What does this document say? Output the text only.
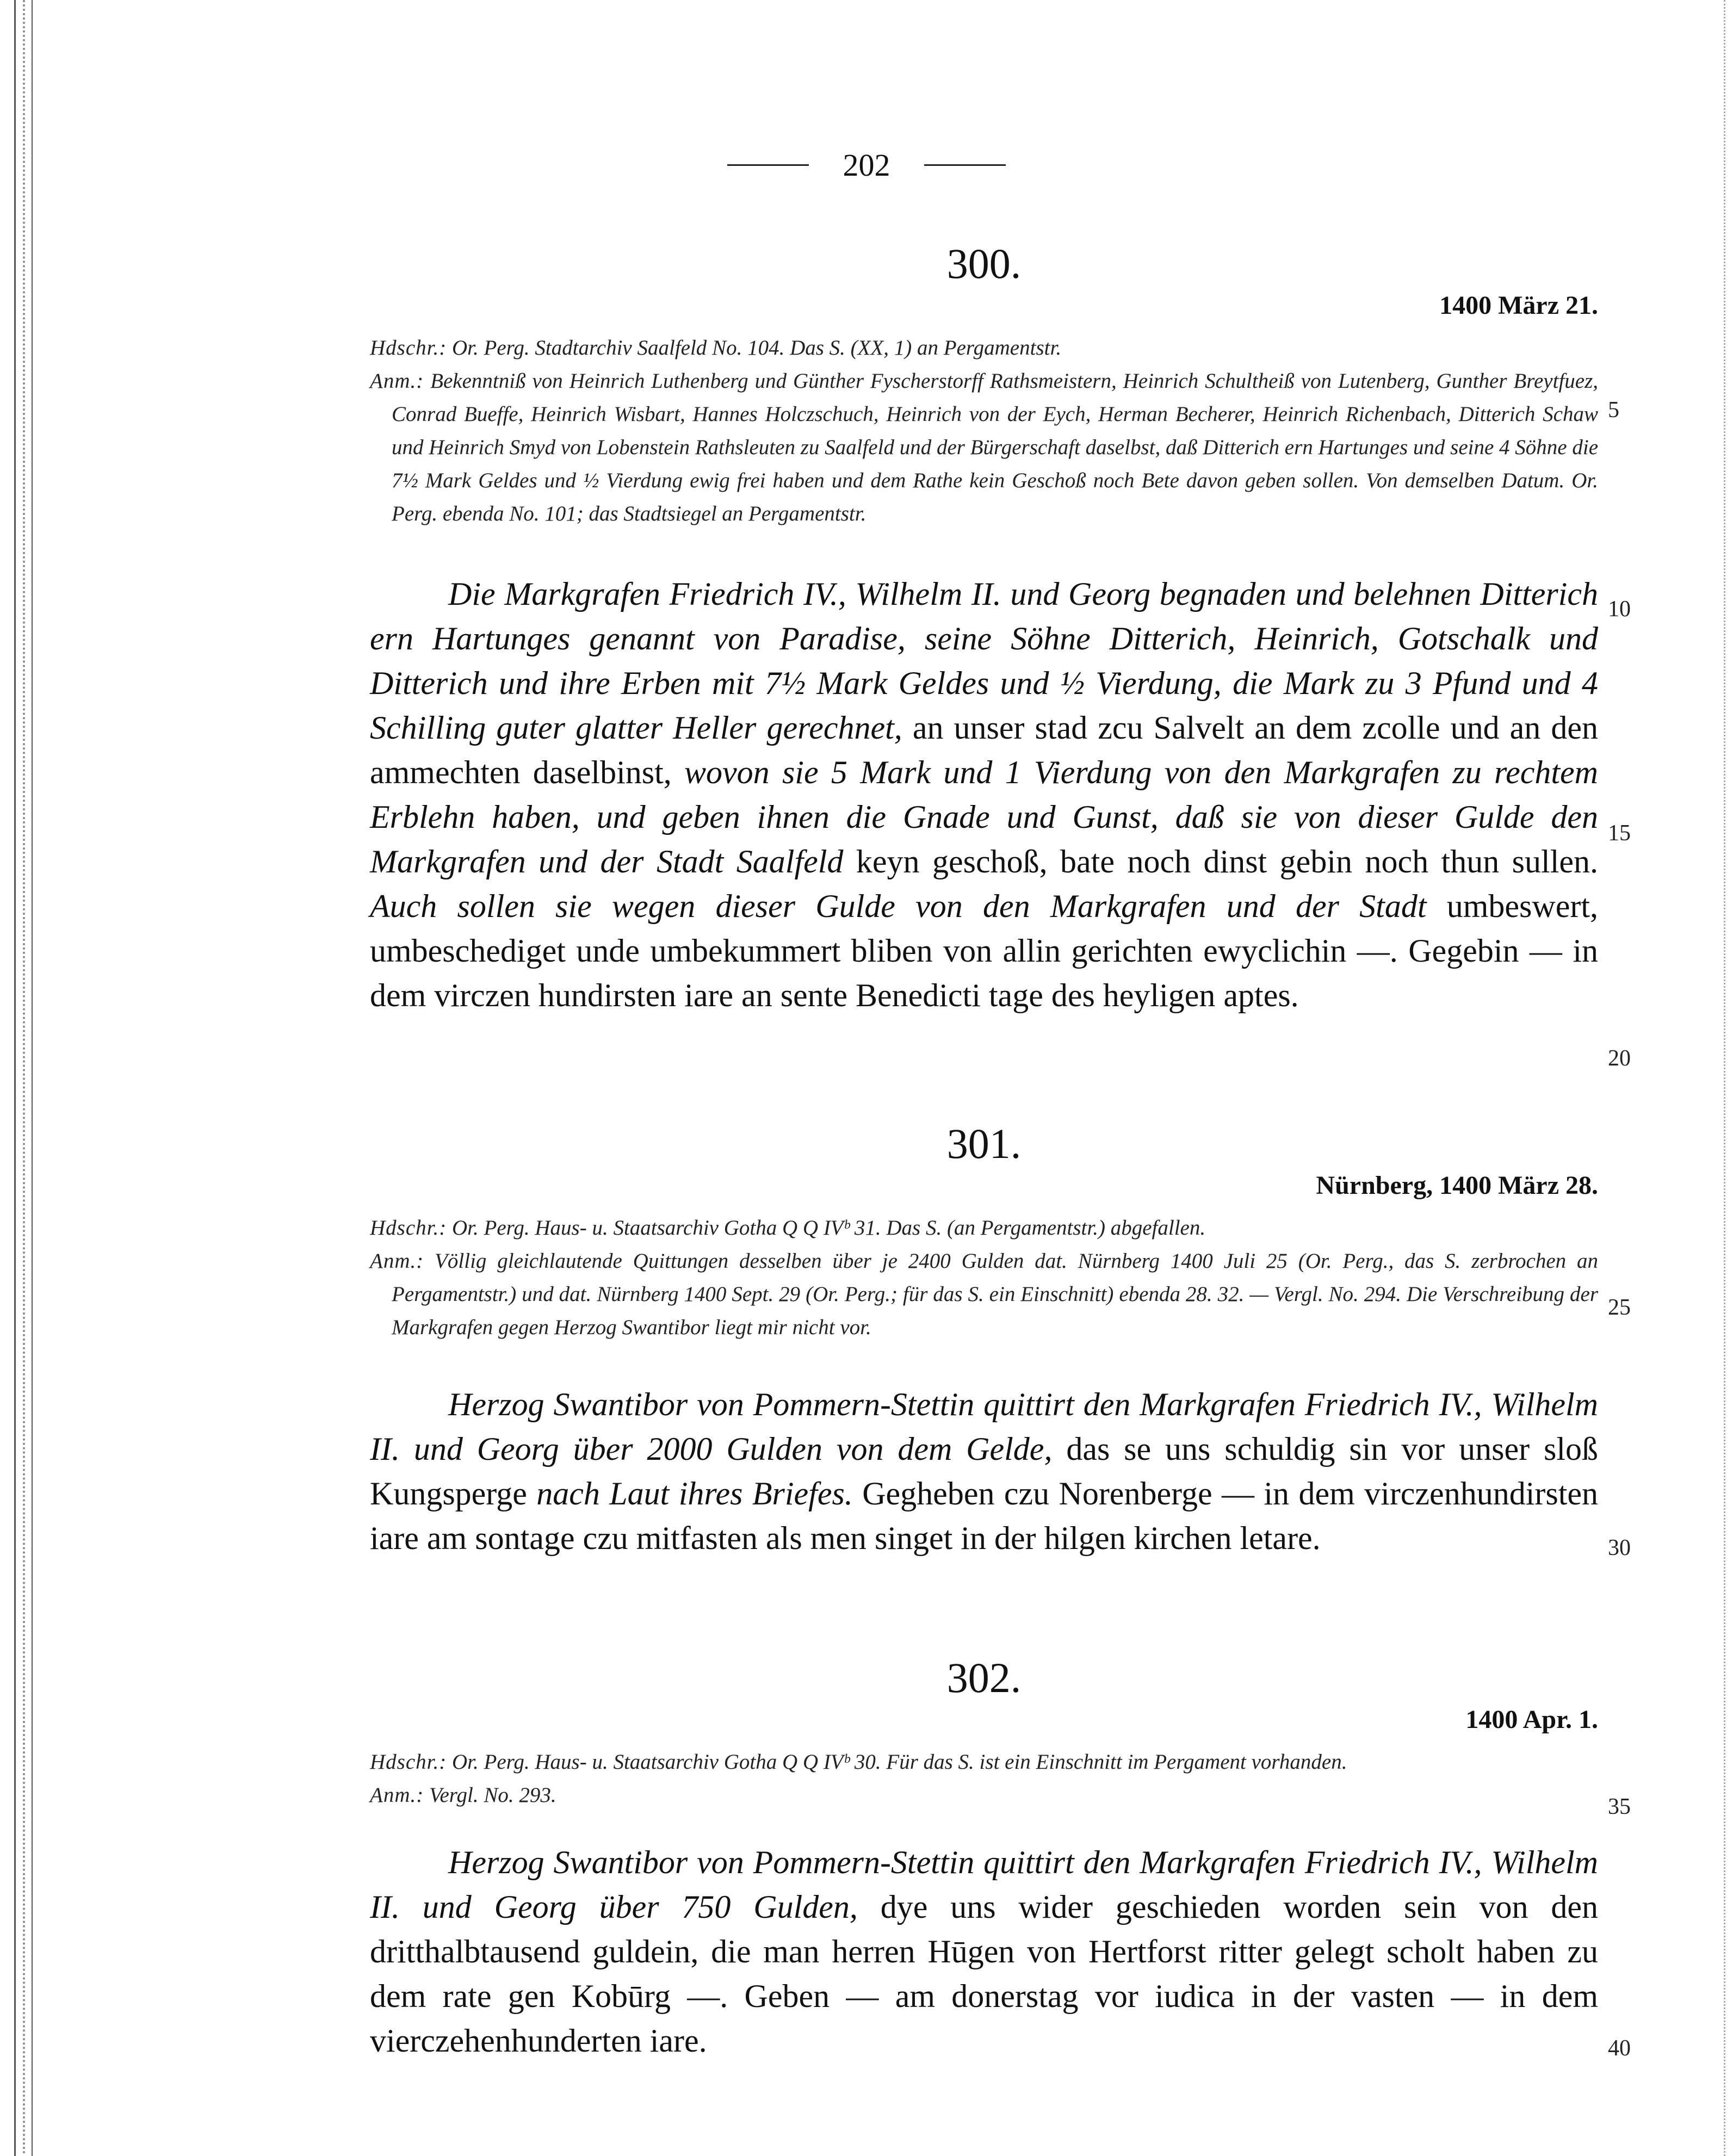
202
300.
1400 März 21.

Hdschr.: Or. Perg. Stadtarchiv Saalfeld No. 104. Das S. (XX, 1) an Pergamentstr.

Anm.: Bekenntniß von Heinrich Luthenberg und Günther Fyscherstorff Rathsmeistern, Heinrich Schultheiß von Lutenberg, Gunther Breytfuez, Conrad Bueffe, Heinrich Wisbart, Hannes Holczschuch, Heinrich von der Eych, Herman Becherer, Heinrich Richenbach, Ditterich Schaw und Heinrich Smyd von Lobenstein Rathsleuten zu Saalfeld und der Bürgerschaft daselbst, daß Ditterich ern Hartunges und seine 4 Söhne die 7½ Mark Geldes und ½ Vierdung ewig frei haben und dem Rathe kein Geschoß noch Bete davon geben sollen. Von demselben Datum. Or. Perg. ebenda No. 101; das Stadtsiegel an Pergamentstr.

Die Markgrafen Friedrich IV., Wilhelm II. und Georg begnaden und belehnen Ditterich ern Hartunges genannt von Paradise, seine Söhne Ditterich, Heinrich, Gotschalk und Ditterich und ihre Erben mit 7½ Mark Geldes und ½ Vierdung, die Mark zu 3 Pfund und 4 Schilling guter glatter Heller gerechnet, an unser stad zcu Salvelt an dem zcolle und an den ammechten daselbinst, wovon sie 5 Mark und 1 Vierdung von den Markgrafen zu rechtem Erblehn haben, und geben ihnen die Gnade und Gunst, daß sie von dieser Gulde den Markgrafen und der Stadt Saalfeld keyn geschoß, bate noch dinst gebin noch thun sullen. Auch sollen sie wegen dieser Gulde von den Markgrafen und der Stadt umbeswert, umbeschediget unde umbekummert bliben von allin gerichten ewyclichin —. Gegebin — in dem virczen hundirsten iare an sente Benedicti tage des heyligen aptes.

301.
Nürnberg, 1400 März 28.

Hdschr.: Or. Perg. Haus- u. Staatsarchiv Gotha Q Q IVᵇ 31. Das S. (an Pergamentstr.) abgefallen.

Anm.: Völlig gleichlautende Quittungen desselben über je 2400 Gulden dat. Nürnberg 1400 Juli 25 (Or. Perg., das S. zerbrochen an Pergamentstr.) und dat. Nürnberg 1400 Sept. 29 (Or. Perg.; für das S. ein Einschnitt) ebenda 28. 32. — Vergl. No. 294. Die Verschreibung der Markgrafen gegen Herzog Swantibor liegt mir nicht vor.

Herzog Swantibor von Pommern-Stettin quittirt den Markgrafen Friedrich IV., Wilhelm II. und Georg über 2000 Gulden von dem Gelde, das se uns schuldig sin vor unser sloß Kungsperge nach Laut ihres Briefes. Gegheben czu Norenberge — in dem virczenhundirsten iare am sontage czu mitfasten als men singet in der hilgen kirchen letare.

302.
1400 Apr. 1.

Hdschr.: Or. Perg. Haus- u. Staatsarchiv Gotha Q Q IVᵇ 30. Für das S. ist ein Einschnitt im Pergament vorhanden.

Anm.: Vergl. No. 293.

Herzog Swantibor von Pommern-Stettin quittirt den Markgrafen Friedrich IV., Wilhelm II. und Georg über 750 Gulden, dye uns wider geschieden worden sein von den dritthalbtausend guldein, die man herren Hūgen von Hertforst ritter gelegt scholt haben zu dem rate gen Kobūrg —. Geben — am donerstag vor iudica in der vasten — in dem vierczehenhunderten iare.

5
10
15
20
25
30
35
40
